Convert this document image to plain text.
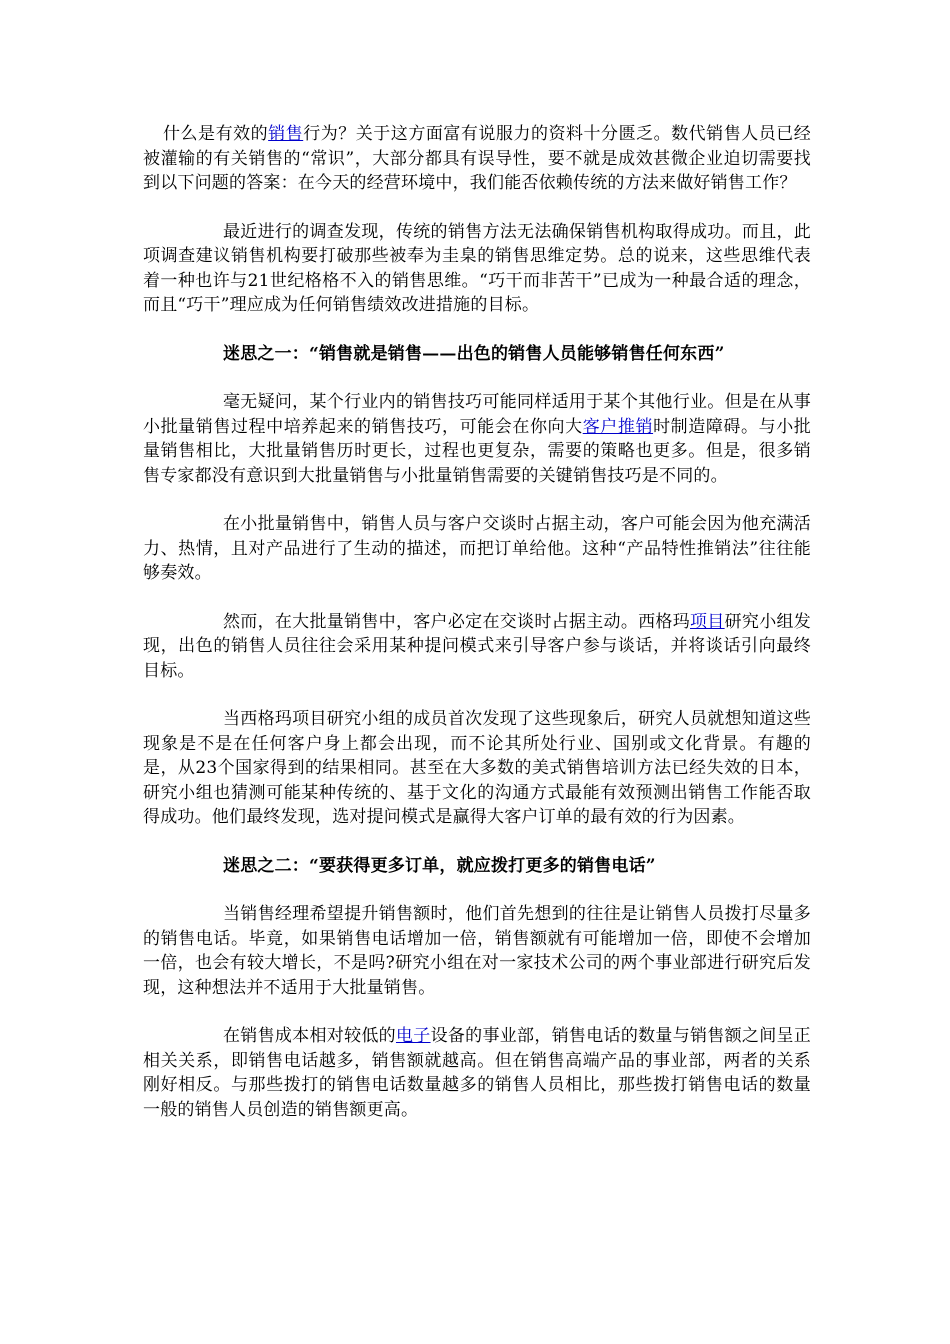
什么是有效的销售行为？关于这方面富有说服力的资料十分匮乏。数代销售人员已经被灌输的有关销售的“常识”，大部分都具有误导性，要不就是成效甚微企业迫切需要找到以下问题的答案：在今天的经营环境中，我们能否依赖传统的方法来做好销售工作？

最近进行的调查发现，传统的销售方法无法确保销售机构取得成功。而且，此项调查建议销售机构要打破那些被奉为圭臬的销售思维定势。总的说来，这些思维代表着一种也许与21世纪格格不入的销售思维。“巧干而非苦干”已成为一种最合适的理念，而且“巧干”理应成为任何销售绩效改进措施的目标。

迷思之一：“销售就是销售——出色的销售人员能够销售任何东西”

毫无疑问，某个行业内的销售技巧可能同样适用于某个其他行业。但是在从事小批量销售过程中培养起来的销售技巧，可能会在你向大客户推销时制造障碍。与小批量销售相比，大批量销售历时更长，过程也更复杂，需要的策略也更多。但是，很多销售专家都没有意识到大批量销售与小批量销售需要的关键销售技巧是不同的。

在小批量销售中，销售人员与客户交谈时占据主动，客户可能会因为他充满活力、热情，且对产品进行了生动的描述，而把订单给他。这种“产品特性推销法”往往能够奏效。

然而，在大批量销售中，客户必定在交谈时占据主动。西格玛项目研究小组发现，出色的销售人员往往会采用某种提问模式来引导客户参与谈话，并将谈话引向最终目标。

当西格玛项目研究小组的成员首次发现了这些现象后，研究人员就想知道这些现象是不是在任何客户身上都会出现，而不论其所处行业、国别或文化背景。有趣的是，从23个国家得到的结果相同。甚至在大多数的美式销售培训方法已经失效的日本，研究小组也猜测可能某种传统的、基于文化的沟通方式最能有效预测出销售工作能否取得成功。他们最终发现，选对提问模式是赢得大客户订单的最有效的行为因素。

迷思之二：“要获得更多订单，就应拨打更多的销售电话”

当销售经理希望提升销售额时，他们首先想到的往往是让销售人员拨打尽量多的销售电话。毕竟，如果销售电话增加一倍，销售额就有可能增加一倍，即使不会增加一倍，也会有较大增长，不是吗?研究小组在对一家技术公司的两个事业部进行研究后发现，这种想法并不适用于大批量销售。

在销售成本相对较低的电子设备的事业部，销售电话的数量与销售额之间呈正相关关系，即销售电话越多，销售额就越高。但在销售高端产品的事业部，两者的关系刚好相反。与那些拨打的销售电话数量越多的销售人员相比，那些拨打销售电话的数量一般的销售人员创造的销售额更高。
